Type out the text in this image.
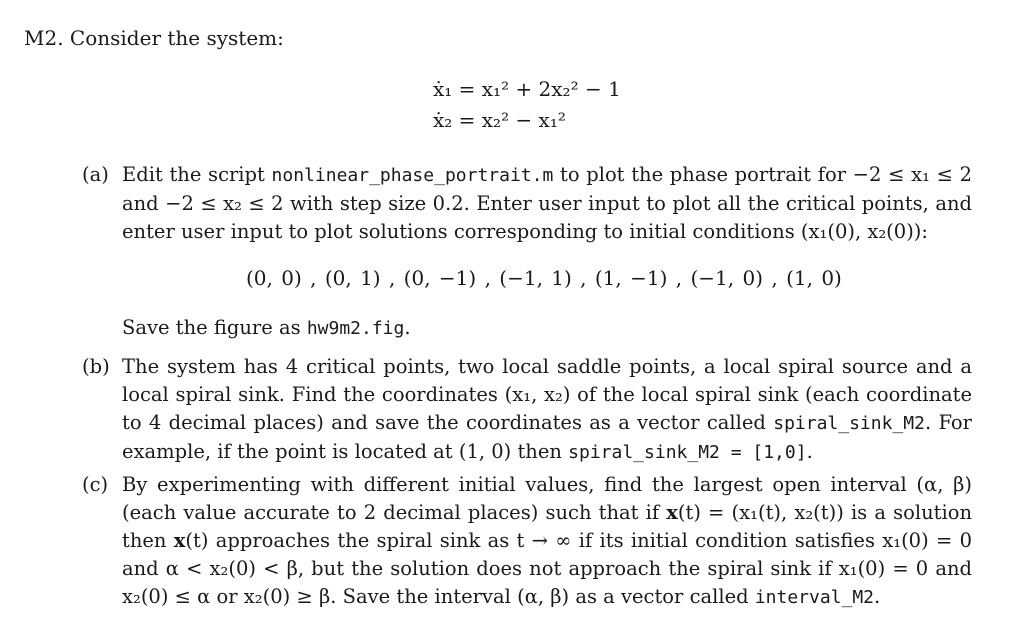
M2. Consider the system:
ẋ₁ = x₁² + 2x₂² − 1
ẋ₂ = x₂² − x₁²
(a) Edit the script nonlinear_phase_portrait.m to plot the phase portrait for −2 ≤ x₁ ≤ 2 and −2 ≤ x₂ ≤ 2 with step size 0.2. Enter user input to plot all the critical points, and enter user input to plot solutions corresponding to initial conditions (x₁(0), x₂(0)):
(0, 0) , (0, 1) , (0, −1) , (−1, 1) , (1, −1) , (−1, 0) , (1, 0)
Save the figure as hw9m2.fig.
(b) The system has 4 critical points, two local saddle points, a local spiral source and a local spiral sink. Find the coordinates (x₁, x₂) of the local spiral sink (each coordinate to 4 decimal places) and save the coordinates as a vector called spiral_sink_M2. For example, if the point is located at (1, 0) then spiral_sink_M2 = [1,0].
(c) By experimenting with different initial values, find the largest open interval (α, β) (each value accurate to 2 decimal places) such that if x(t) = (x₁(t), x₂(t)) is a solution then x(t) approaches the spiral sink as t → ∞ if its initial condition satisfies x₁(0) = 0 and α < x₂(0) < β, but the solution does not approach the spiral sink if x₁(0) = 0 and x₂(0) ≤ α or x₂(0) ≥ β. Save the interval (α, β) as a vector called interval_M2.
